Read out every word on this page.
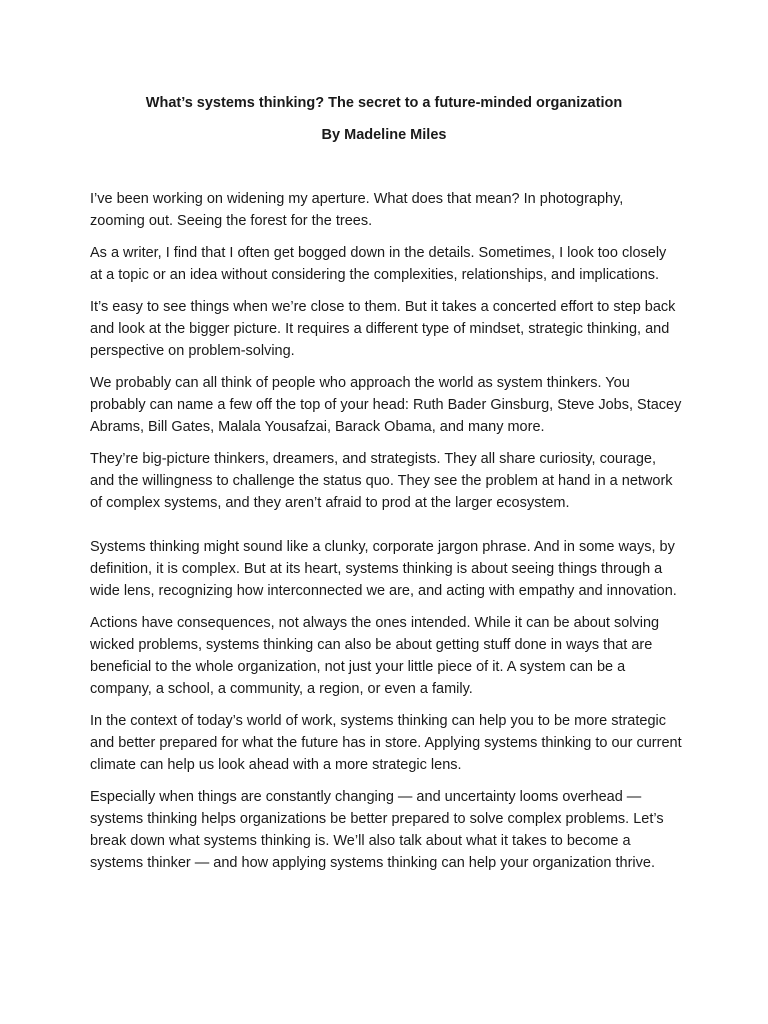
What’s systems thinking? The secret to a future-minded organization
By Madeline Miles

I’ve been working on widening my aperture. What does that mean? In photography, zooming out. Seeing the forest for the trees.

As a writer, I find that I often get bogged down in the details. Sometimes, I look too closely at a topic or an idea without considering the complexities, relationships, and implications.

It’s easy to see things when we’re close to them. But it takes a concerted effort to step back and look at the bigger picture. It requires a different type of mindset, strategic thinking, and perspective on problem-solving.

We probably can all think of people who approach the world as system thinkers. You probably can name a few off the top of your head: Ruth Bader Ginsburg, Steve Jobs, Stacey Abrams, Bill Gates, Malala Yousafzai, Barack Obama, and many more.

They’re big-picture thinkers, dreamers, and strategists. They all share curiosity, courage, and the willingness to challenge the status quo. They see the problem at hand in a network of complex systems, and they aren’t afraid to prod at the larger ecosystem.

Systems thinking might sound like a clunky, corporate jargon phrase. And in some ways, by definition, it is complex. But at its heart, systems thinking is about seeing things through a wide lens, recognizing how interconnected we are, and acting with empathy and innovation.

Actions have consequences, not always the ones intended. While it can be about solving wicked problems, systems thinking can also be about getting stuff done in ways that are beneficial to the whole organization, not just your little piece of it. A system can be a company, a school, a community, a region, or even a family.

In the context of today’s world of work, systems thinking can help you to be more strategic and better prepared for what the future has in store. Applying systems thinking to our current climate can help us look ahead with a more strategic lens.

Especially when things are constantly changing — and uncertainty looms overhead — systems thinking helps organizations be better prepared to solve complex problems. Let’s break down what systems thinking is. We’ll also talk about what it takes to become a systems thinker — and how applying systems thinking can help your organization thrive.
